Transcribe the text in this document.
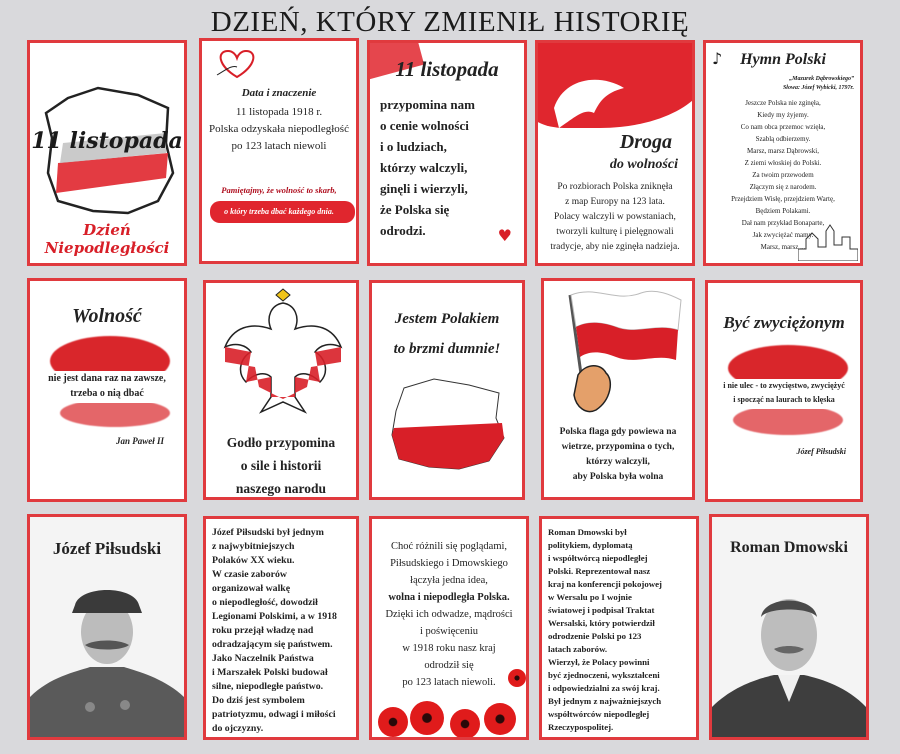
DZIEŃ, KTÓRY ZMIENIŁ HISTORIĘ
11 listopada
Dzień Niepodległości
Data i znaczenie
11 listopada 1918 r.
Polska odzyskała niepodległość
po 123 latach niewoli
Pamiętajmy, że wolność to skarb,
o który trzeba dbać każdego dnia.
11 listopada
przypomina nam
o cenie wolności
i o ludziach,
którzy walczyli,
ginęli i wierzyli,
że Polska się
odrodzi.	♥
Droga
do wolności
Po rozbiorach Polska zniknęła
z map Europy na 123 lata.
Polacy walczyli w powstaniach,
tworzyli kulturę i pielęgnowali
tradycje, aby nie zginęła nadzieja.
♪	Hymn Polski
„Mazurek Dąbrowskiego”
Słowa: Józef Wybicki, 1797r.
Jeszcze Polska nie zginęła,
Kiedy my żyjemy.
Co nam obca przemoc wzięła,
Szablą odbierzemy.
Marsz, marsz Dąbrowski,
Z ziemi włoskiej do Polski.
Za twoim przewodem
Złączym się z narodem.
Przejdziem Wisłę, przejdziem Wartę,
Będziem Polakami.
Dał nam przykład Bonaparte,
Jak zwyciężać mamy.
Marsz, marsz ...
Wolność
nie jest dana raz na zawsze,
trzeba o nią dbać
Jan Paweł II	Godło przypomina
o sile i historii
naszego narodu
Jestem Polakiem
to brzmi dumnie!
Polska flaga gdy powiewa na
wietrze, przypomina o tych,
którzy walczyli,
aby Polska była wolna
Być zwyciężonym
i nie ulec - to zwycięstwo, zwyciężyć
i spocząć na laurach to klęska
Józef Piłsudski
Józef Piłsudski
Józef Piłsudski był jednym
z najwybitniejszych
Polaków XX wieku.
W czasie zaborów
organizował walkę
o niepodległość, dowodził
Legionami Polskimi, a w 1918
roku przejął władzę nad
odradzającym się państwem.
Jako Naczelnik Państwa
i Marszałek Polski budował
silne, niepodległe państwo.
Do dziś jest symbolem
patriotyzmu, odwagi i miłości
do ojczyzny.
Choć różnili się poglądami,
Piłsudskiego i Dmowskiego
łączyła jedna idea,
wolna i niepodległa Polska.
Dzięki ich odwadze, mądrości
i poświęceniu
w 1918 roku nasz kraj
odrodził się
po 123 latach niewoli.
Roman Dmowski był
politykiem, dyplomatą
i współtwórcą niepodległej
Polski. Reprezentował nasz
kraj na konferencji pokojowej
w Wersalu po I wojnie
światowej i podpisał Traktat
Wersalski, który potwierdził
odrodzenie Polski po 123
latach zaborów.
Wierzył, że Polacy powinni
być zjednoczeni, wykształceni
i odpowiedzialni za swój kraj.
Był jednym z najważniejszych
współtwórców niepodległej
Rzeczypospolitej.
Roman Dmowski
